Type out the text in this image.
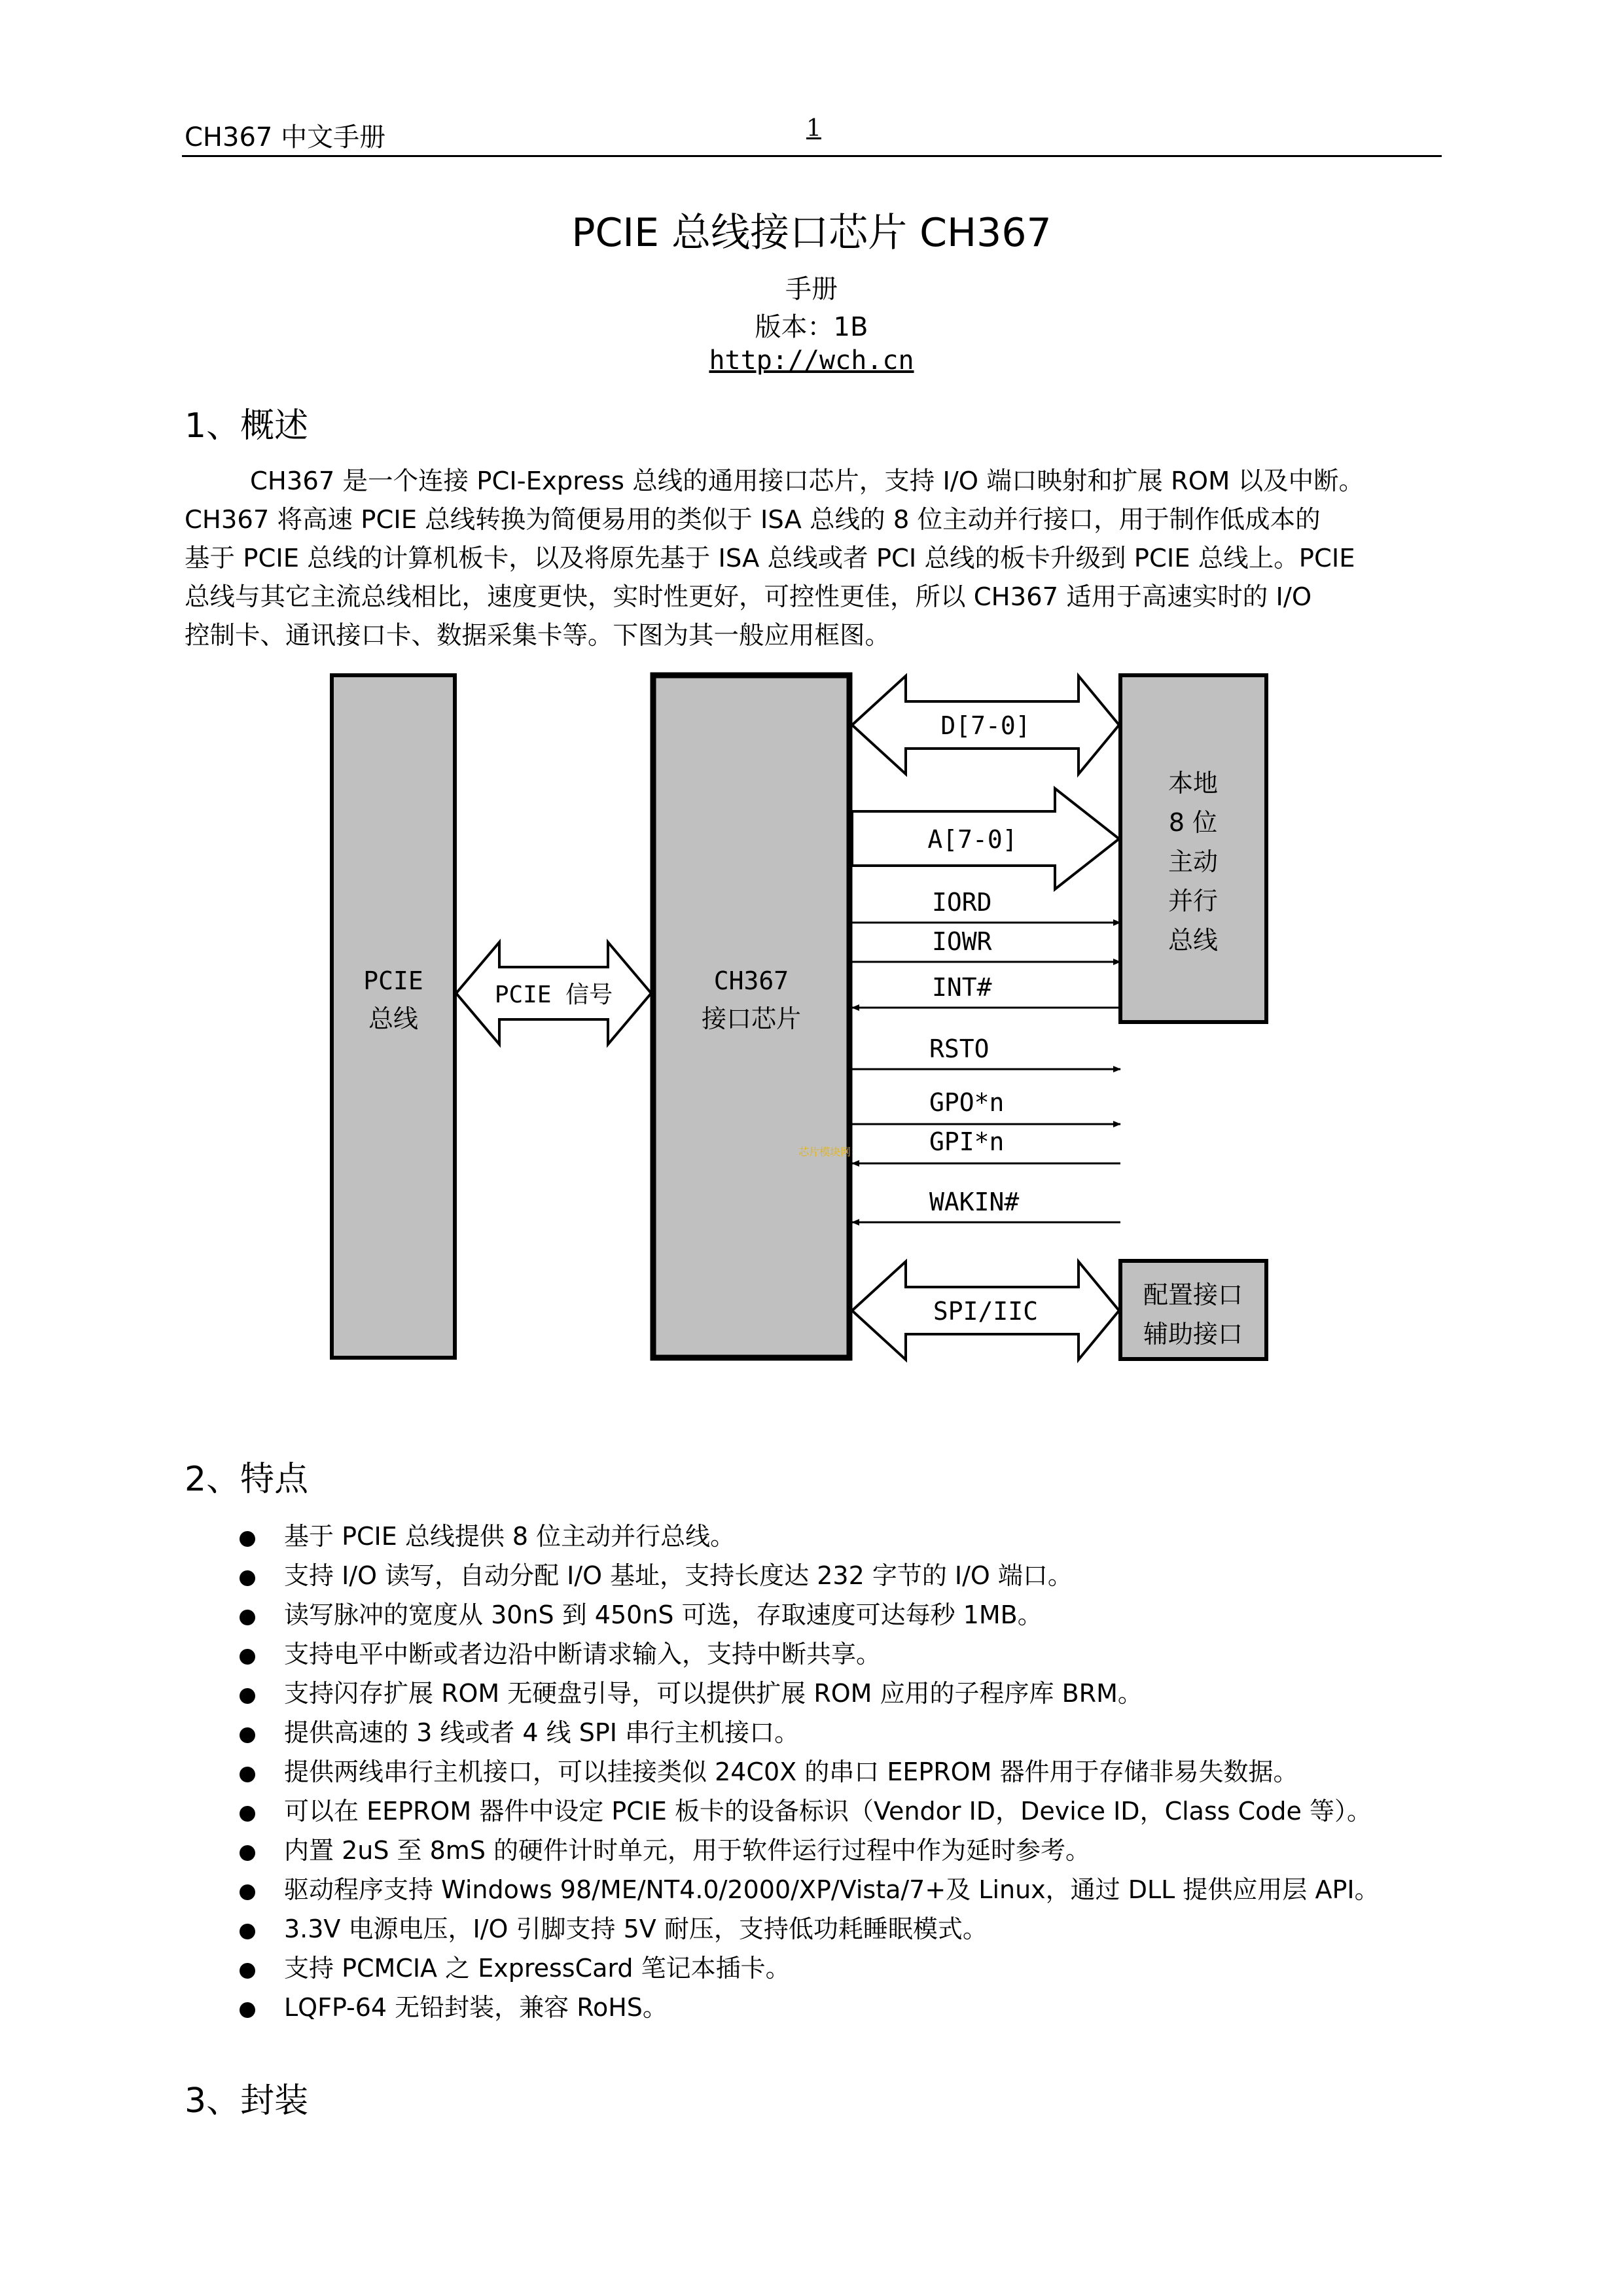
CH367 中文手册	1
PCIE 总线接口芯片 CH367
手册
版本：1B
http://wch.cn
1、概述
CH367 是一个连接 PCI-Express 总线的通用接口芯片，支持 I/O 端口映射和扩展 ROM 以及中断。
CH367 将高速 PCIE 总线转换为简便易用的类似于 ISA 总线的 8 位主动并行接口，用于制作低成本的
基于 PCIE 总线的计算机板卡，以及将原先基于 ISA 总线或者 PCI 总线的板卡升级到 PCIE 总线上。PCIE
总线与其它主流总线相比，速度更快，实时性更好，可控性更佳，所以 CH367 适用于高速实时的 I/O
控制卡、通讯接口卡、数据采集卡等。下图为其一般应用框图。
PCIE
总线
PCIE 信号	CH367
接口芯片
芯片模块网
本地
8 位
主动
并行
总线
配置接口
辅助接口
D[7-0]
A[7-0]
IORD
IOWR
INT#
RSTO
GPO*n
GPI*n
WAKIN#
SPI/IIC
2、特点
基于 PCIE 总线提供 8 位主动并行总线。
支持 I/O 读写，自动分配 I/O 基址，支持长度达 232 字节的 I/O 端口。
读写脉冲的宽度从 30nS 到 450nS 可选，存取速度可达每秒 1MB。
支持电平中断或者边沿中断请求输入，支持中断共享。
支持闪存扩展 ROM 无硬盘引导，可以提供扩展 ROM 应用的子程序库 BRM。
提供高速的 3 线或者 4 线 SPI 串行主机接口。
提供两线串行主机接口，可以挂接类似 24C0X 的串口 EEPROM 器件用于存储非易失数据。
可以在 EEPROM 器件中设定 PCIE 板卡的设备标识（Vendor ID，Device ID，Class Code 等）。
内置 2uS 至 8mS 的硬件计时单元，用于软件运行过程中作为延时参考。
驱动程序支持 Windows 98/ME/NT4.0/2000/XP/Vista/7+及 Linux，通过 DLL 提供应用层 API。
3.3V 电源电压，I/O 引脚支持 5V 耐压，支持低功耗睡眠模式。
支持 PCMCIA 之 ExpressCard 笔记本插卡。
LQFP-64 无铅封装，兼容 RoHS。
3、封装
